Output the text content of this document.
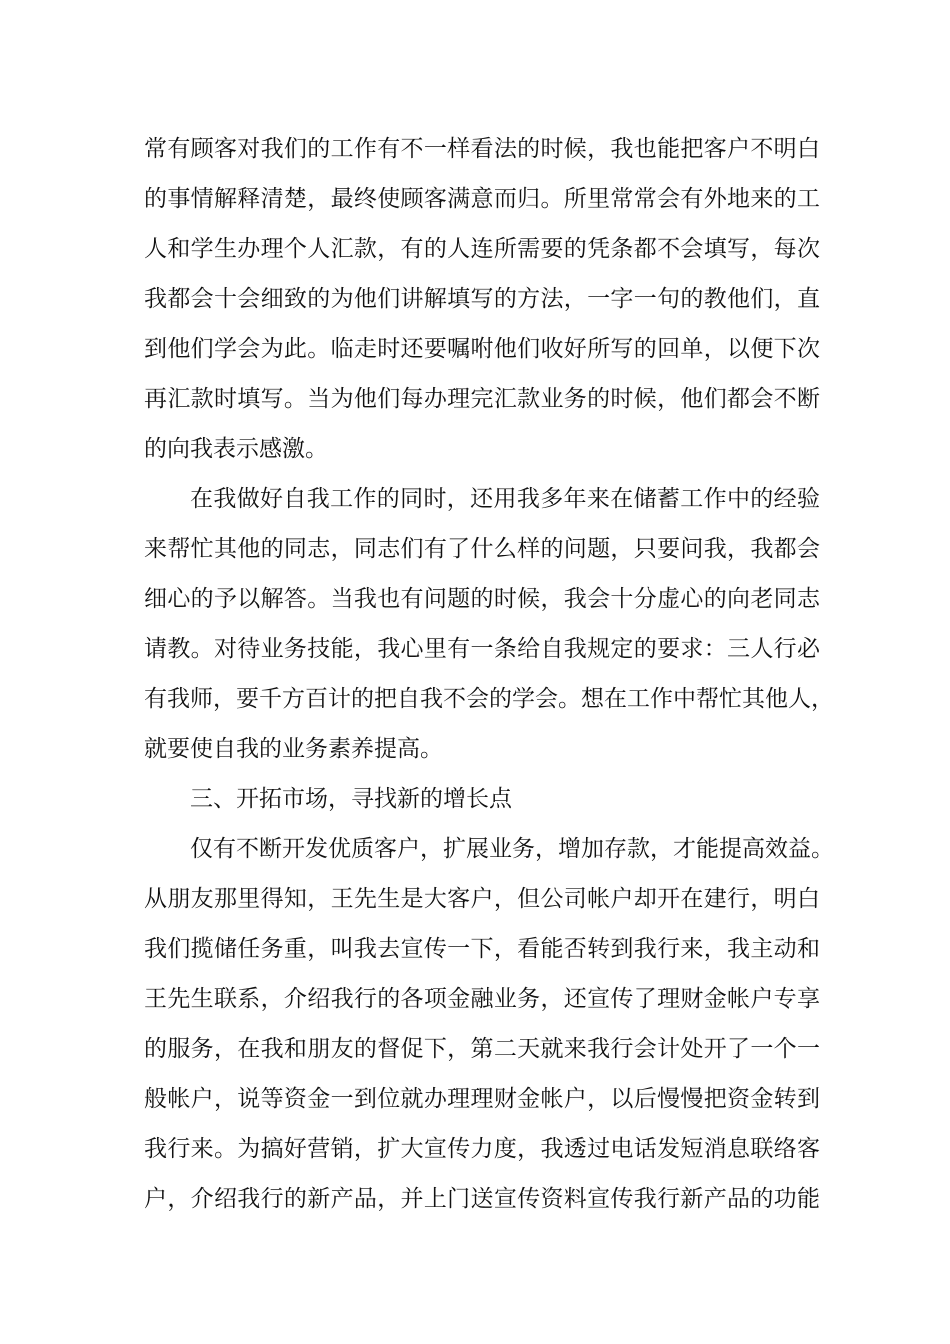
常有顾客对我们的工作有不一样看法的时候，我也能把客户不明白
的事情解释清楚，最终使顾客满意而归。所里常常会有外地来的工
人和学生办理个人汇款，有的人连所需要的凭条都不会填写，每次
我都会十会细致的为他们讲解填写的方法，一字一句的教他们，直
到他们学会为此。临走时还要嘱咐他们收好所写的回单，以便下次
再汇款时填写。当为他们每办理完汇款业务的时候，他们都会不断
的向我表示感激。
在我做好自我工作的同时，还用我多年来在储蓄工作中的经验
来帮忙其他的同志，同志们有了什么样的问题，只要问我，我都会
细心的予以解答。当我也有问题的时候，我会十分虚心的向老同志
请教。对待业务技能，我心里有一条给自我规定的要求：三人行必
有我师，要千方百计的把自我不会的学会。想在工作中帮忙其他人，
就要使自我的业务素养提高。
三、开拓市场，寻找新的增长点
仅有不断开发优质客户，扩展业务，增加存款，才能提高效益。
从朋友那里得知，王先生是大客户，但公司帐户却开在建行，明白
我们揽储任务重，叫我去宣传一下，看能否转到我行来，我主动和
王先生联系，介绍我行的各项金融业务，还宣传了理财金帐户专享
的服务，在我和朋友的督促下，第二天就来我行会计处开了一个一
般帐户，说等资金一到位就办理理财金帐户，以后慢慢把资金转到
我行来。为搞好营销，扩大宣传力度，我透过电话发短消息联络客
户，介绍我行的新产品，并上门送宣传资料宣传我行新产品的功能
